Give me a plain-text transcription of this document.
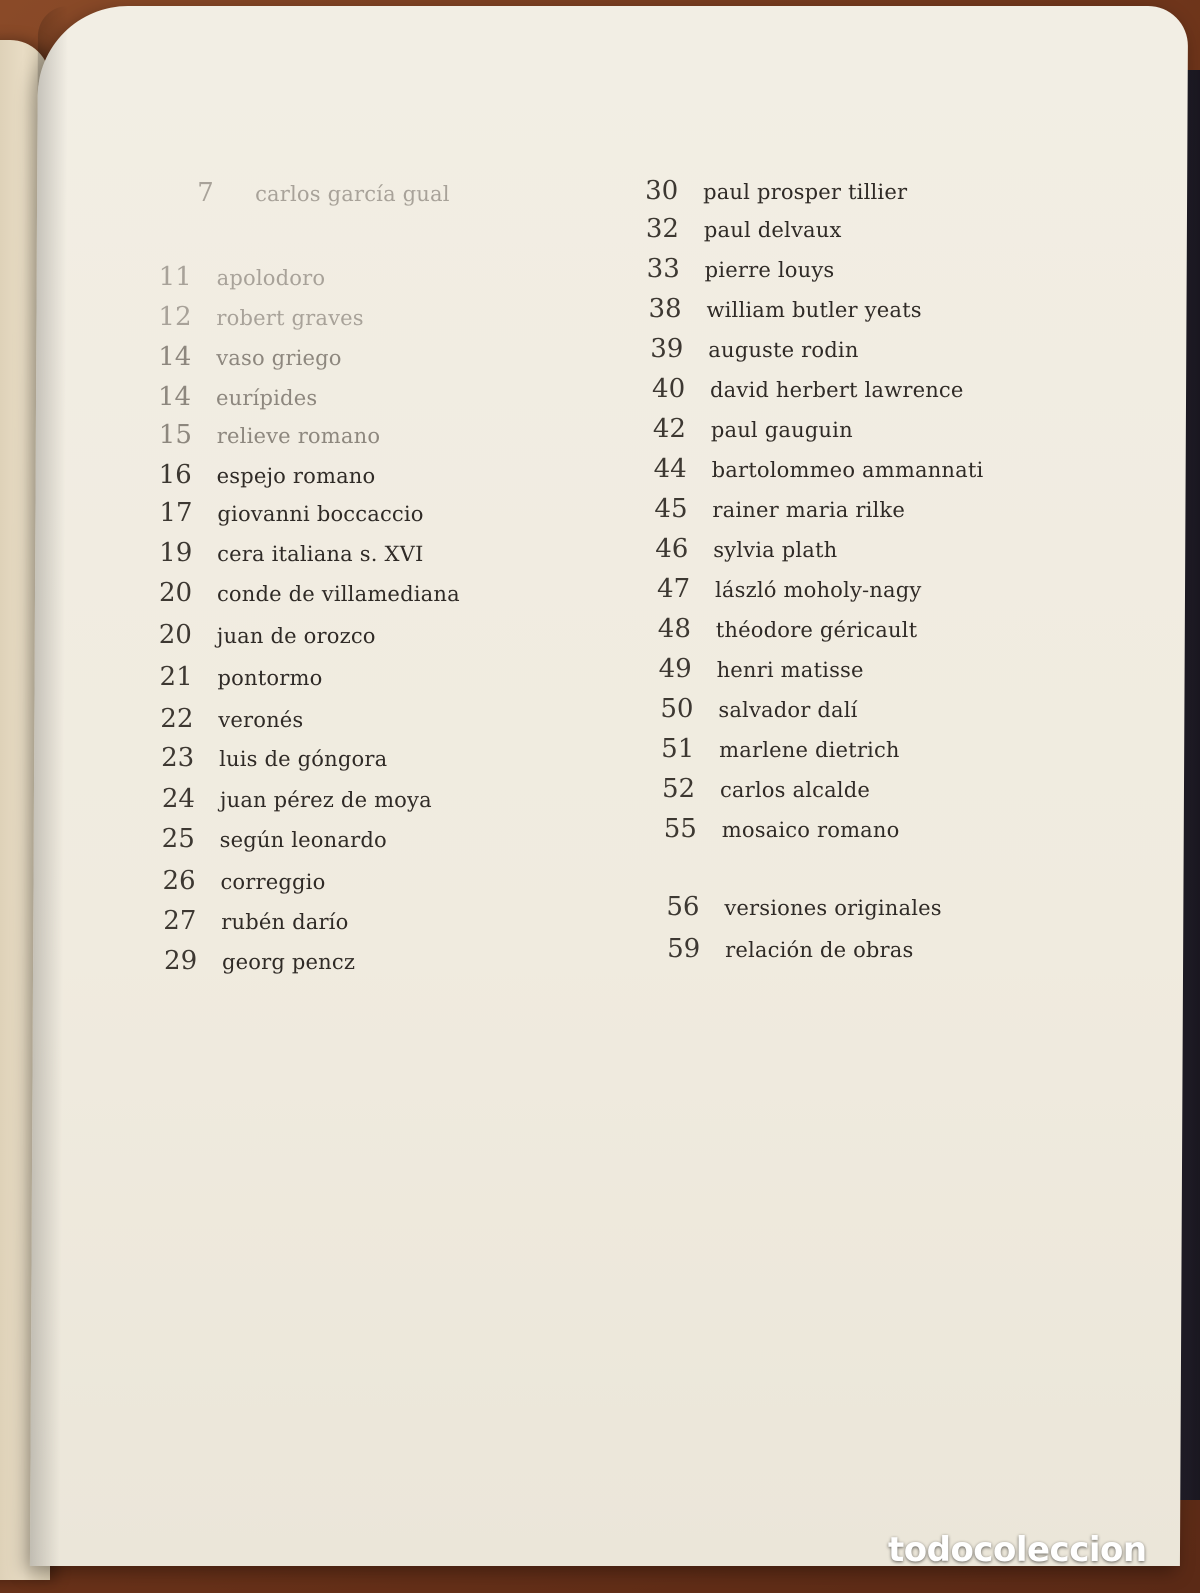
7	carlos garcía gual
11	apolodoro
12	robert graves
14	vaso griego
14	eurípides
15	relieve romano
16	espejo romano
17	giovanni boccaccio
19	cera italiana s. XVI
20	conde de villamediana
20	juan de orozco
21	pontormo
22	veronés
23	luis de góngora
24	juan pérez de moya
25	según leonardo
26	correggio
27	rubén darío
29	georg pencz
30	paul prosper tillier
32	paul delvaux
33	pierre louys
38	william butler yeats
39	auguste rodin
40	david herbert lawrence
42	paul gauguin
44	bartolommeo ammannati
45	rainer maria rilke
46	sylvia plath
47	lászló moholy-nagy
48	théodore géricault
49	henri matisse
50	salvador dalí
51	marlene dietrich
52	carlos alcalde
55	mosaico romano
56	versiones originales
59	relación de obras
todocoleccion
